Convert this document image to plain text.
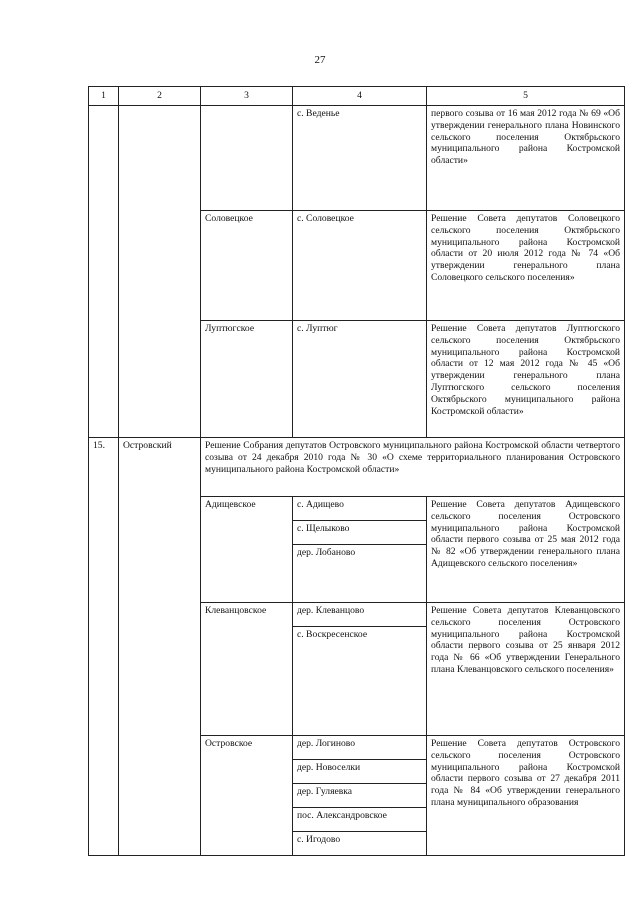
27
1	2	3	4	5
			с. Веденье	первого созыва от 16 мая 2012 года № 69 «Об утверждении генерального плана Новинского сельского поселения Октябрьского муниципального района Костромской области»
		Соловецкое	с. Соловецкое	Решение Совета депутатов Соловецкого сельского поселения Октябрьского муниципального района Костромской области от 20 июля 2012 года № 74 «Об утверждении генерального плана Соловецкого сельского поселения»
		Луптюгское	с. Луптюг	Решение Совета депутатов Луптюгского сельского поселения Октябрьского муниципального района Костромской области от 12 мая 2012 года № 45 «Об утверждении генерального плана Луптюгского сельского поселения Октябрьского муниципального района Костромской области»
15.	Островский	Решение Собрания депутатов Островского муниципального района Костромской области четвертого созыва от 24 декабря 2010 года № 30 «О схеме территориального планирования Островского муниципального района Костромской области»		
		Адищевское	с. Адищево	Решение Совета депутатов Адищевского сельского поселения Островского муниципального района Костромской области первого созыва от 25 мая 2012 года № 82 «Об утверждении генерального плана Адищевского сельского поселения»
			с. Щелыково	
			дер. Лобаново	
		Клеванцовское	дер. Клеванцово	Решение Совета депутатов Клеванцовского сельского поселения Островского муниципального района Костромской области первого созыва от 25 января 2012 года № 66 «Об утверждении Генерального плана Клеванцовского сельского поселения»
			с. Воскресенское	
		Островское	дер. Логиново	Решение Совета депутатов Островского сельского поселения Островского муниципального района Костромской области первого созыва от 27 декабря 2011 года № 84 «Об утверждении генерального плана муниципального образования
			дер. Новоселки	
			дер. Гуляевка	
			пос. Александровское	
			с. Игодово	
